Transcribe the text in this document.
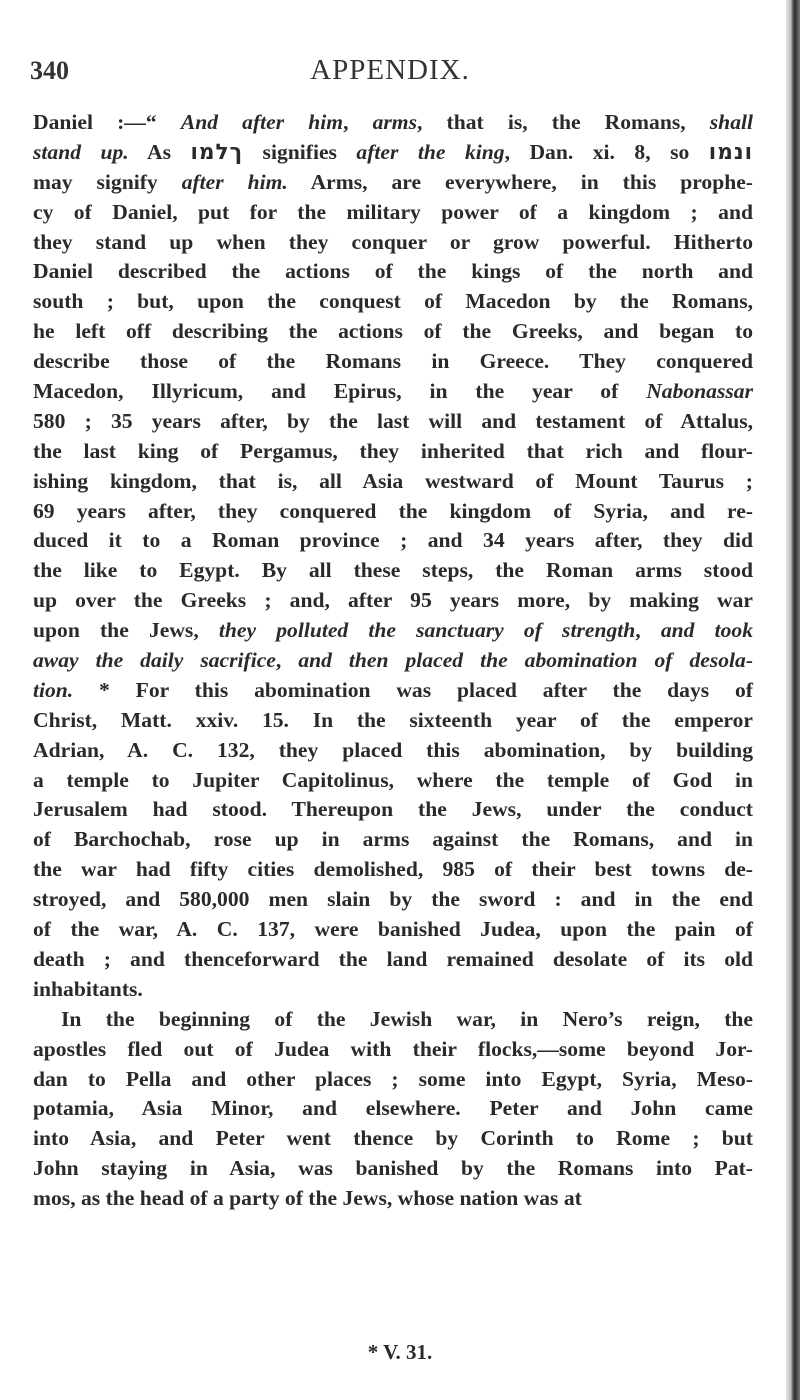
340	APPENDIX.
Daniel :—“ And after him, arms, that is, the Romans, shall
stand up. As ךלמו signifies after the king, Dan. xi. 8, so ונמו
may signify after him. Arms, are everywhere, in this prophe-
cy of Daniel, put for the military power of a kingdom ; and
they stand up when they conquer or grow powerful. Hitherto
Daniel described the actions of the kings of the north and
south ; but, upon the conquest of Macedon by the Romans,
he left off describing the actions of the Greeks, and began to
describe those of the Romans in Greece. They conquered
Macedon, Illyricum, and Epirus, in the year of Nabonassar
580 ; 35 years after, by the last will and testament of Attalus,
the last king of Pergamus, they inherited that rich and flour-
ishing kingdom, that is, all Asia westward of Mount Taurus ;
69 years after, they conquered the kingdom of Syria, and re-
duced it to a Roman province ; and 34 years after, they did
the like to Egypt. By all these steps, the Roman arms stood
up over the Greeks ; and, after 95 years more, by making war
upon the Jews, they polluted the sanctuary of strength, and took
away the daily sacrifice, and then placed the abomination of desola-
tion. * For this abomination was placed after the days of
Christ, Matt. xxiv. 15. In the sixteenth year of the emperor
Adrian, A. C. 132, they placed this abomination, by building
a temple to Jupiter Capitolinus, where the temple of God in
Jerusalem had stood. Thereupon the Jews, under the conduct
of Barchochab, rose up in arms against the Romans, and in
the war had fifty cities demolished, 985 of their best towns de-
stroyed, and 580,000 men slain by the sword : and in the end
of the war, A. C. 137, were banished Judea, upon the pain of
death ; and thenceforward the land remained desolate of its old
inhabitants.
In the beginning of the Jewish war, in Nero’s reign, the
apostles fled out of Judea with their flocks,—some beyond Jor-
dan to Pella and other places ; some into Egypt, Syria, Meso-
potamia, Asia Minor, and elsewhere. Peter and John came
into Asia, and Peter went thence by Corinth to Rome ; but
John staying in Asia, was banished by the Romans into Pat-
mos, as the head of a party of the Jews, whose nation was at
* V. 31.
